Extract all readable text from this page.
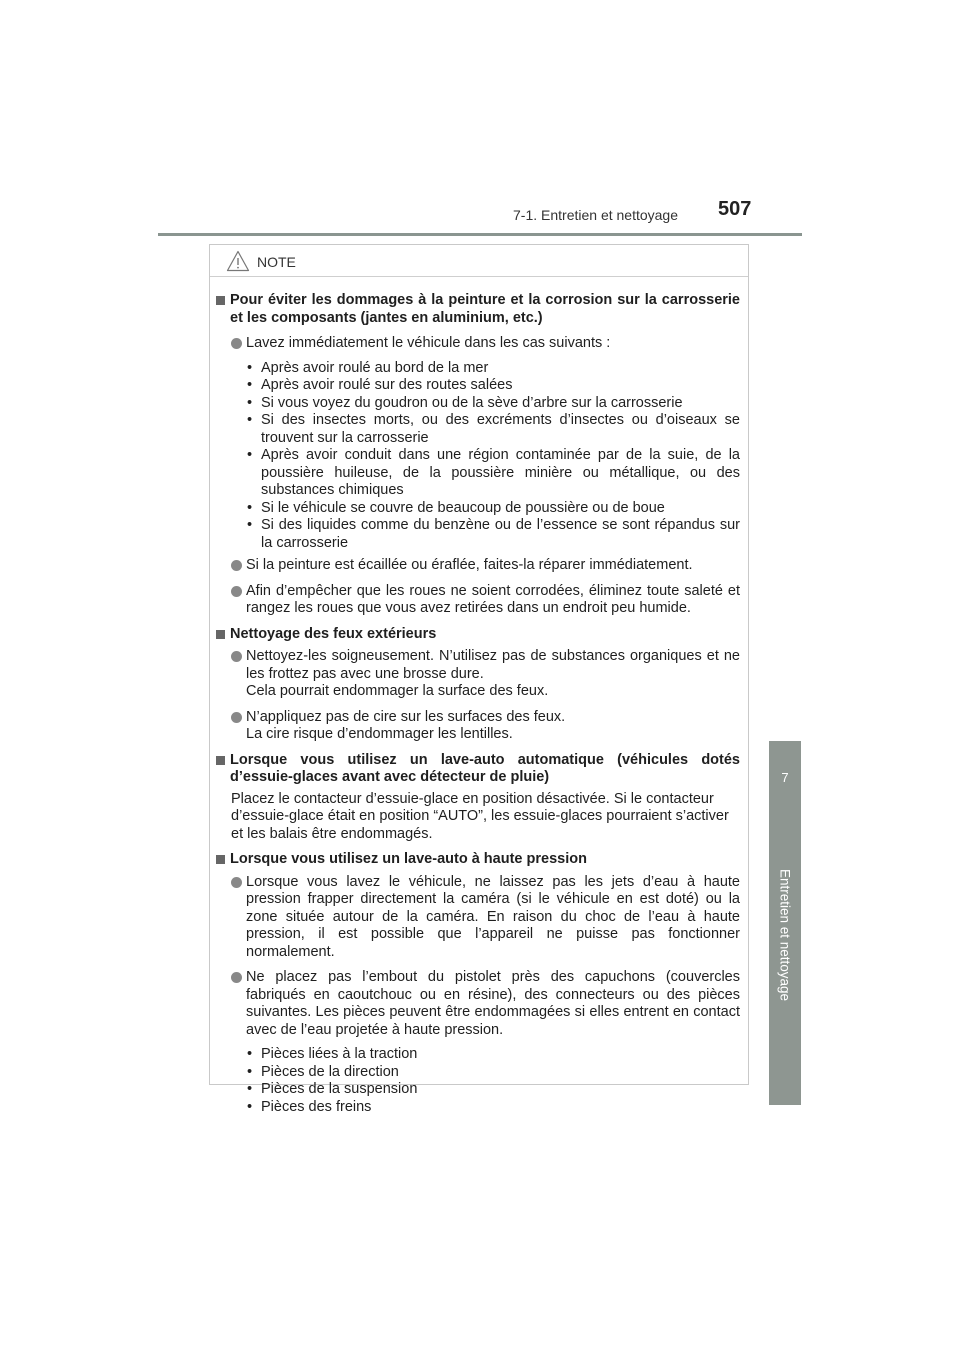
7-1. Entretien et nettoyage 507
7
Entretien et nettoyage
NOTE
Pour éviter les dommages à la peinture et la corrosion sur la carrosserie et les composants (jantes en aluminium, etc.)
Lavez immédiatement le véhicule dans les cas suivants :
• Après avoir roulé au bord de la mer
• Après avoir roulé sur des routes salées
• Si vous voyez du goudron ou de la sève d’arbre sur la carrosserie
• Si des insectes morts, ou des excréments d’insectes ou d’oiseaux se trouvent sur la carrosserie
• Après avoir conduit dans une région contaminée par de la suie, de la poussière huileuse, de la poussière minière ou métallique, ou des substances chimiques
• Si le véhicule se couvre de beaucoup de poussière ou de boue
• Si des liquides comme du benzène ou de l’essence se sont répandus sur la carrosserie
Si la peinture est écaillée ou éraflée, faites-la réparer immédiatement.
Afin d’empêcher que les roues ne soient corrodées, éliminez toute saleté et rangez les roues que vous avez retirées dans un endroit peu humide.
Nettoyage des feux extérieurs
Nettoyez-les soigneusement. N’utilisez pas de substances organiques et ne les frottez pas avec une brosse dure.
Cela pourrait endommager la surface des feux.
N’appliquez pas de cire sur les surfaces des feux.
La cire risque d’endommager les lentilles.
Lorsque vous utilisez un lave-auto automatique (véhicules dotés d’essuie-glaces avant avec détecteur de pluie)
Placez le contacteur d’essuie-glace en position désactivée. Si le contacteur d’essuie-glace était en position “AUTO”, les essuie-glaces pourraient s’activer et les balais être endommagés.
Lorsque vous utilisez un lave-auto à haute pression
Lorsque vous lavez le véhicule, ne laissez pas les jets d’eau à haute pression frapper directement la caméra (si le véhicule en est doté) ou la zone située autour de la caméra. En raison du choc de l’eau à haute pression, il est possible que l’appareil ne puisse pas fonctionner normalement.
Ne placez pas l’embout du pistolet près des capuchons (couvercles fabriqués en caoutchouc ou en résine), des connecteurs ou des pièces suivantes. Les pièces peuvent être endommagées si elles entrent en contact avec de l’eau projetée à haute pression.
• Pièces liées à la traction
• Pièces de la direction
• Pièces de la suspension
• Pièces des freins
